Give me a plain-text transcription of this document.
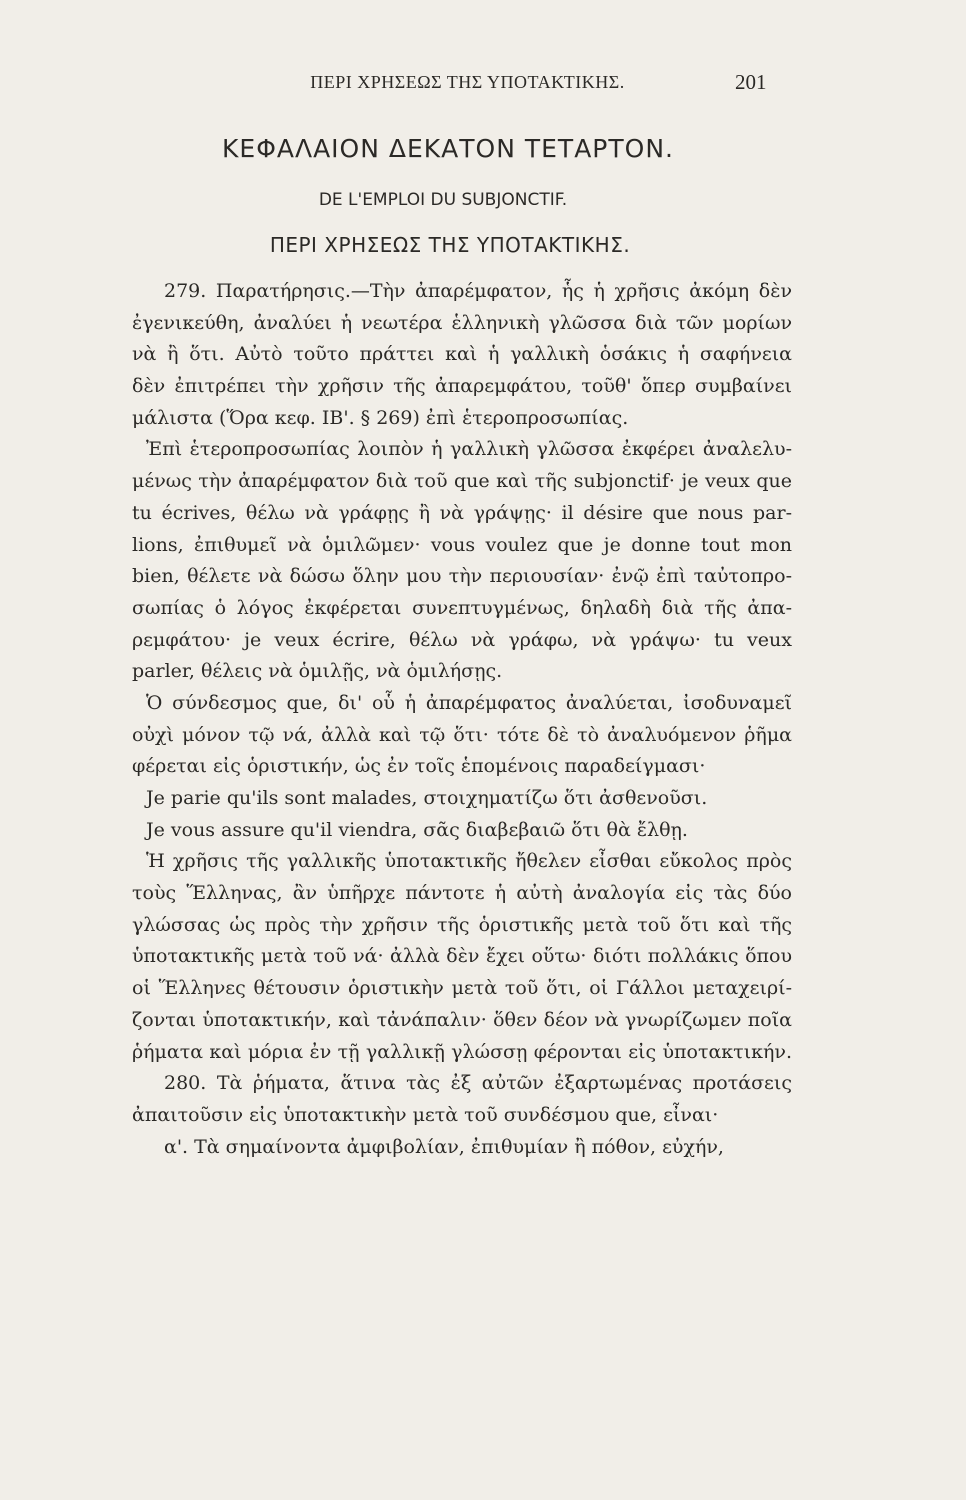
ΠΕΡΙ ΧΡΗΣΕΩΣ ΤΗΣ ΥΠΟΤΑΚΤΙΚΗΣ.	201
ΚΕΦΑΛΑΙΟΝ ΔΕΚΑΤΟΝ ΤΕΤΑΡΤΟΝ.
DE L'EMPLOI DU SUBJONCTIF.
ΠΕΡΙ ΧΡΗΣΕΩΣ ΤΗΣ ΥΠΟΤΑΚΤΙΚΗΣ.
279. Παρατήρησις.—Τὴν ἀπαρέμφατον, ἧς ἡ χρῆσις ἀκόμη δὲν
ἐγενικεύθη, ἀναλύει ἡ νεωτέρα ἑλληνικὴ γλῶσσα διὰ τῶν μορίων
νὰ ἢ ὅτι. Αὐτὸ τοῦτο πράττει καὶ ἡ γαλλικὴ ὁσάκις ἡ σαφήνεια
δὲν ἐπιτρέπει τὴν χρῆσιν τῆς ἀπαρεμφάτου, τοῦθ' ὅπερ συμβαίνει
μάλιστα (Ὅρα κεφ. ΙΒ'. § 269) ἐπὶ ἑτεροπροσωπίας.
Ἐπὶ ἑτεροπροσωπίας λοιπὸν ἡ γαλλικὴ γλῶσσα ἐκφέρει ἀναλελυ-
μένως τὴν ἀπαρέμφατον διὰ τοῦ que καὶ τῆς subjonctif· je veux que
tu écrives, θέλω νὰ γράφῃς ἢ νὰ γράψῃς· il désire que nous par-
lions, ἐπιθυμεῖ νὰ ὁμιλῶμεν· vous voulez que je donne tout mon
bien, θέλετε νὰ δώσω ὅλην μου τὴν περιουσίαν· ἐνῷ ἐπὶ ταὐτοπρο-
σωπίας ὁ λόγος ἐκφέρεται συνεπτυγμένως, δηλαδὴ διὰ τῆς ἀπα-
ρεμφάτου· je veux écrire, θέλω νὰ γράφω, νὰ γράψω· tu veux
parler, θέλεις νὰ ὁμιλῇς, νὰ ὁμιλήσῃς.
Ὁ σύνδεσμος que, δι' οὗ ἡ ἀπαρέμφατος ἀναλύεται, ἰσοδυναμεῖ
οὐχὶ μόνον τῷ νά, ἀλλὰ καὶ τῷ ὅτι· τότε δὲ τὸ ἀναλυόμενον ῥῆμα
φέρεται εἰς ὁριστικήν, ὡς ἐν τοῖς ἑπομένοις παραδείγμασι·
Je parie qu'ils sont malades, στοιχηματίζω ὅτι ἀσθενοῦσι.
Je vous assure qu'il viendra, σᾶς διαβεβαιῶ ὅτι θὰ ἔλθῃ.
Ἡ χρῆσις τῆς γαλλικῆς ὑποτακτικῆς ἤθελεν εἶσθαι εὔκολος πρὸς
τοὺς Ἕλληνας, ἂν ὑπῆρχε πάντοτε ἡ αὐτὴ ἀναλογία εἰς τὰς δύο
γλώσσας ὡς πρὸς τὴν χρῆσιν τῆς ὁριστικῆς μετὰ τοῦ ὅτι καὶ τῆς
ὑποτακτικῆς μετὰ τοῦ νά· ἀλλὰ δὲν ἔχει οὕτω· διότι πολλάκις ὅπου
οἱ Ἕλληνες θέτουσιν ὁριστικὴν μετὰ τοῦ ὅτι, οἱ Γάλλοι μεταχειρί-
ζονται ὑποτακτικήν, καὶ τἀνάπαλιν· ὅθεν δέον νὰ γνωρίζωμεν ποῖα
ῥήματα καὶ μόρια ἐν τῇ γαλλικῇ γλώσσῃ φέρονται εἰς ὑποτακτικήν.
280. Τὰ ῥήματα, ἅτινα τὰς ἐξ αὐτῶν ἐξαρτωμένας προτάσεις
ἀπαιτοῦσιν εἰς ὑποτακτικὴν μετὰ τοῦ συνδέσμου que, εἶναι·
α'. Τὰ σημαίνοντα ἀμφιβολίαν, ἐπιθυμίαν ἢ πόθον, εὐχήν,
